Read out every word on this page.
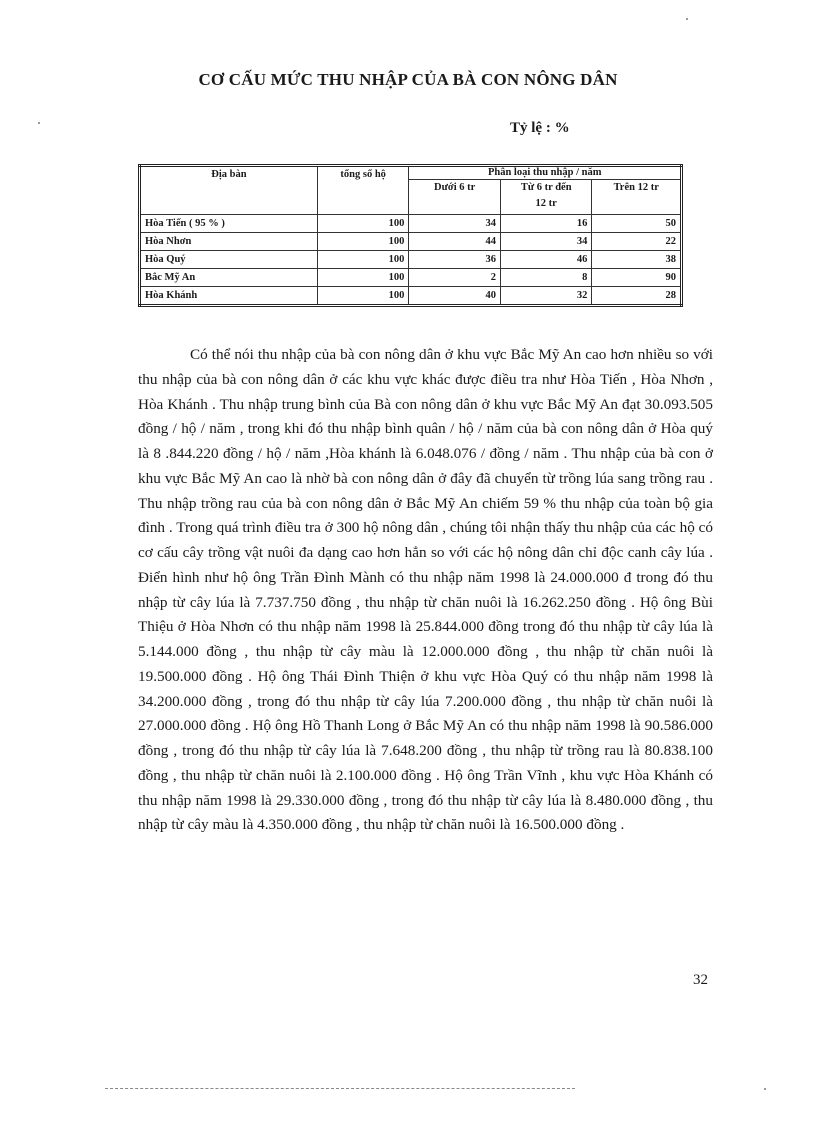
CƠ CẤU MỨC THU NHẬP CỦA BÀ CON NÔNG DÂN
Tỷ lệ : %
Địa bàn	tổng số hộ	Phân loại thu nhập / năm		
		Dưới 6 tr	Từ 6 tr đến
12 tr	Trên 12 tr
Hòa Tiến ( 95 % )	100	34	16	50
Hòa Nhơn	100	44	34	22
Hòa Quý	100	36	46	38
Bắc Mỹ An	100	2	8	90
Hòa Khánh	100	40	32	28

Có thể nói thu nhập của bà con nông dân ở khu vực Bắc Mỹ An cao hơn nhiều so với thu nhập của bà con nông dân ở các khu vực khác được điều tra như Hòa Tiến , Hòa Nhơn , Hòa Khánh . Thu nhập trung bình của Bà con nông dân ở khu vực Bắc Mỹ An đạt 30.093.505 đồng / hộ / năm , trong khi đó thu nhập bình quân / hộ / năm của bà con nông dân ở Hòa quý là 8 .844.220 đồng / hộ / năm ,Hòa khánh là 6.048.076 / đồng / năm . Thu nhập của bà con ở khu vực Bắc Mỹ An cao là nhờ bà con nông dân ở đây đã chuyển từ trồng lúa sang trồng rau . Thu nhập trồng rau của bà con nông dân ở Bắc Mỹ An chiếm 59 % thu nhập của toàn bộ gia đình . Trong quá trình điều tra ở 300 hộ nông dân , chúng tôi nhận thấy thu nhập của các hộ có cơ cấu cây trồng vật nuôi đa dạng cao hơn hẳn so với các hộ nông dân chỉ độc canh cây lúa . Điển hình như hộ ông Trần Đình Mành có thu nhập năm 1998 là 24.000.000 đ trong đó thu nhập từ cây lúa là 7.737.750 đồng , thu nhập từ chăn nuôi là 16.262.250 đồng . Hộ ông Bùi Thiệu ở Hòa Nhơn có thu nhập năm 1998 là 25.844.000 đồng trong đó thu nhập từ cây lúa là 5.144.000 đồng , thu nhập từ cây màu là 12.000.000 đồng , thu nhập từ chăn nuôi là 19.500.000 đồng . Hộ ông Thái Đình Thiện ở khu vực Hòa Quý có thu nhập năm 1998 là 34.200.000 đồng , trong đó thu nhập từ cây lúa 7.200.000 đồng , thu nhập từ chăn nuôi là 27.000.000 đồng . Hộ ông Hồ Thanh Long ở Bắc Mỹ An có thu nhập năm 1998 là 90.586.000 đồng , trong đó thu nhập từ cây lúa là 7.648.200 đồng , thu nhập từ trồng rau là 80.838.100 đồng , thu nhập từ chăn nuôi là 2.100.000 đồng . Hộ ông Trần Vĩnh , khu vực Hòa Khánh có thu nhập năm 1998 là 29.330.000 đồng , trong đó thu nhập từ cây lúa là 8.480.000 đồng , thu nhập từ cây màu là 4.350.000 đồng , thu nhập từ chăn nuôi là 16.500.000 đồng .

32
